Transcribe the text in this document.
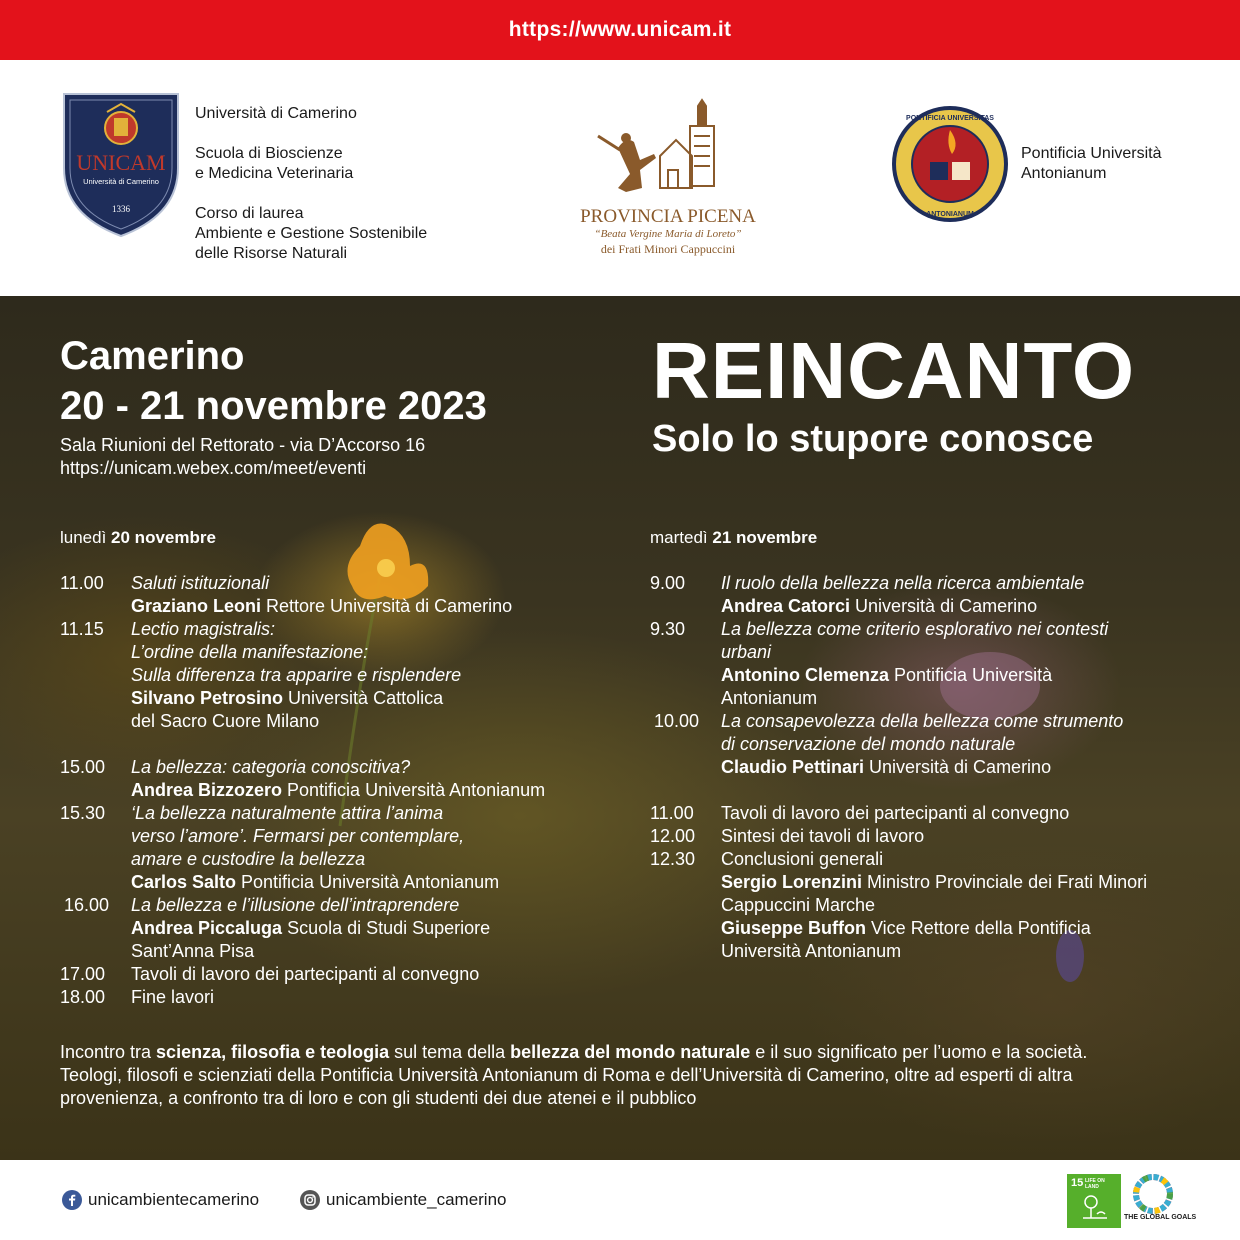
https://www.unicam.it
UNICAM
Università di Camerino
1336

Università di Camerino

Scuola di Bioscienze
e Medicina Veterinaria

Corso di laurea
Ambiente e Gestione Sostenibile
delle Risorse Naturali

PROVINCIA PICENA
“Beata Vergine Maria di Loreto”
dei Frati Minori Cappuccini
PONTIFICIA UNIVERSITAS
ANTONIANUM
Pontificia Università
Antonianum
Camerino
20 - 21 novembre 2023
Sala Riunioni del Rettorato - via D’Accorso 16
https://unicam.webex.com/meet/eventi
REINCANTO
Solo lo stupore conosce
lunedì 20 novembre
11.00 Saluti istituzionali
Graziano Leoni Rettore Università di Camerino
11.15 Lectio magistralis:
L’ordine della manifestazione:
Sulla differenza tra apparire e risplendere
Silvano Petrosino Università Cattolica
del Sacro Cuore Milano
15.00 La bellezza: categoria conoscitiva?
Andrea Bizzozero Pontificia Università Antonianum
15.30 ‘La bellezza naturalmente attira l’anima
verso l’amore’. Fermarsi per contemplare,
amare e custodire la bellezza
Carlos Salto Pontificia Università Antonianum
16.00 La bellezza e l’illusione dell’intraprendere
Andrea Piccaluga Scuola di Studi Superiore
Sant’Anna Pisa
17.00 Tavoli di lavoro dei partecipanti al convegno
18.00 Fine lavori
martedì 21 novembre
9.00 Il ruolo della bellezza nella ricerca ambientale
Andrea Catorci Università di Camerino
9.30 La bellezza come criterio esplorativo nei contesti
urbani
Antonino Clemenza Pontificia Università
Antonianum
10.00 La consapevolezza della bellezza come strumento
di conservazione del mondo naturale
Claudio Pettinari Università di Camerino
11.00 Tavoli di lavoro dei partecipanti al convegno
12.00 Sintesi dei tavoli di lavoro
12.30 Conclusioni generali
Sergio Lorenzini Ministro Provinciale dei Frati Minori
Cappuccini Marche
Giuseppe Buffon Vice Rettore della Pontificia
Università Antonianum
Incontro tra scienza, filosofia e teologia sul tema della bellezza del mondo naturale e il suo significato per l’uomo e la società.
Teologi, filosofi e scienziati della Pontificia Università Antonianum di Roma e dell’Università di Camerino, oltre ad esperti di altra
provenienza, a confronto tra di loro e con gli studenti dei due atenei e il pubblico
unicambientecamerino	unicambiente_camerino
15 LIFE ON LAND
THE GLOBAL GOALS
